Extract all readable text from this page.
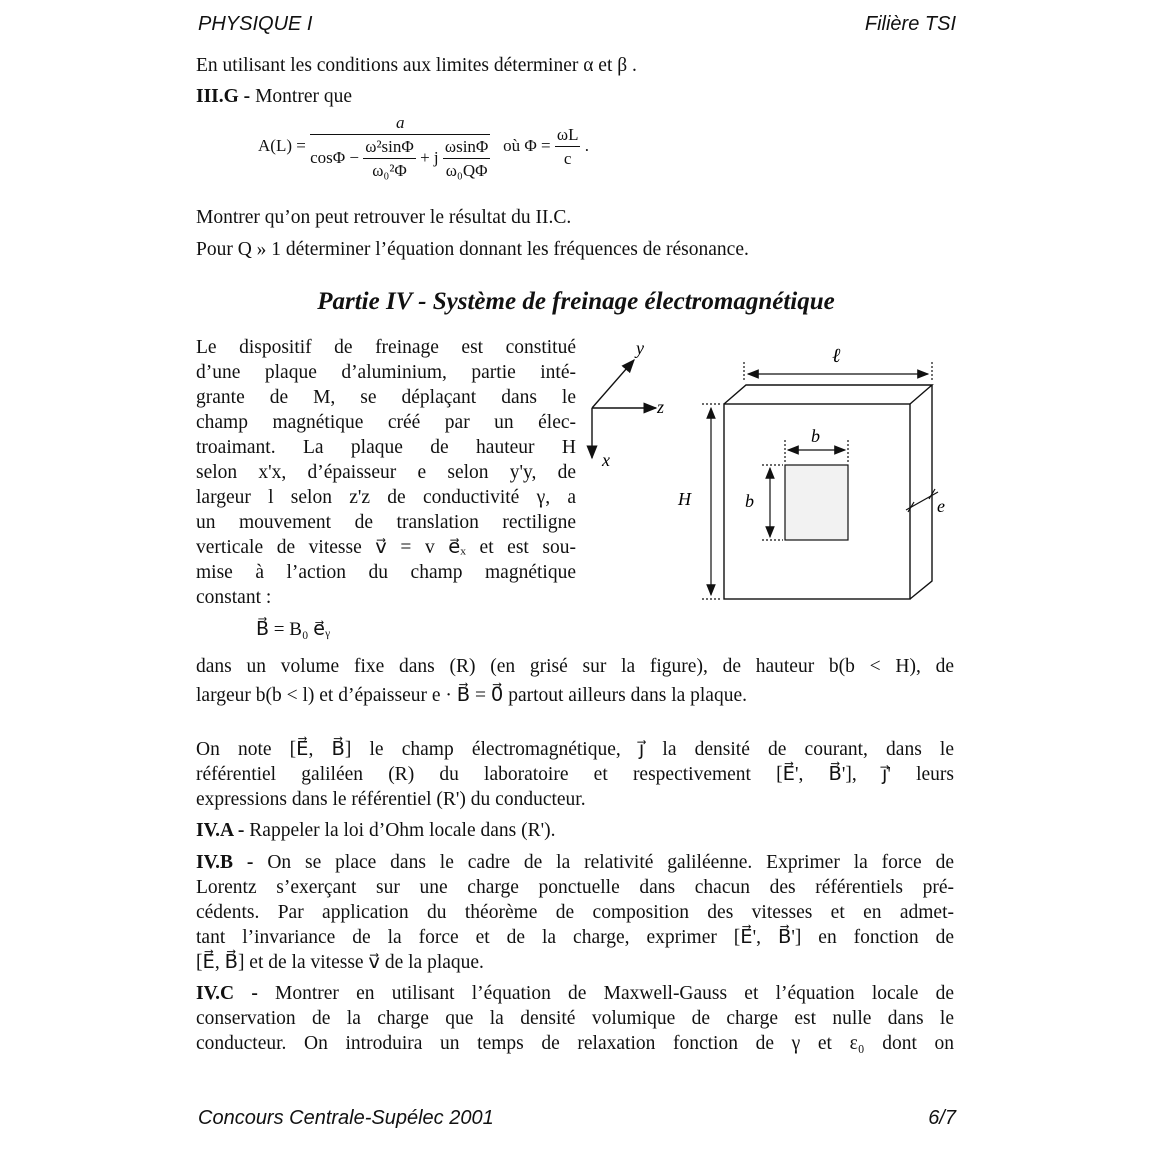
PHYSIQUE I	Filière TSI

En utilisant les conditions aux limites déterminer α et β .

III.G - Montrer que

A(L) =
a
$\cos\Phi - \frac{\text{ω²sinΦ}}{\text{ω₀²Φ}} + j \frac{\omega\sin\Phi}{\text{ω₀QΦ}}$ où $\Phi = \frac{\omega L}{c}$ .

Montrer qu’on peut retrouver le résultat du II.C.

Pour Q » 1 déterminer l’équation donnant les fréquences de résonance.

Partie IV - Système de freinage électromagnétique

Le dispositif de freinage est constitué

d’une plaque d’aluminium, partie inté-

grante de M, se déplaçant dans le

champ magnétique créé par un élec-

troaimant. La plaque de hauteur H

selon x'x, d’épaisseur e selon y'y, de

largeur l selon z'z de conductivité γ, a

un mouvement de translation rectiligne

verticale de vitesse v⃗ = v e⃗ₓ et est sou-

mise à l’action du champ magnétique

constant :

B⃗ = B₀ e⃗ᵧ

dans un volume fixe dans (R) (en grisé sur la figure), de hauteur b(b < H), de

largeur b(b < l) et d’épaisseur e · B⃗ = 0⃗ partout ailleurs dans la plaque.

On note [E⃗, B⃗] le champ électromagnétique, j⃗ la densité de courant, dans le

référentiel galiléen (R) du laboratoire et respectivement [E⃗', B⃗'], j⃗' leurs

expressions dans le référentiel (R') du conducteur.

IV.A - Rappeler la loi d’Ohm locale dans (R').

IV.B - On se place dans le cadre de la relativité galiléenne. Exprimer la force de

Lorentz s’exerçant sur une charge ponctuelle dans chacun des référentiels pré-

cédents. Par application du théorème de composition des vitesses et en admet-

tant l’invariance de la force et de la charge, exprimer [E⃗', B⃗'] en fonction de

[E⃗, B⃗] et de la vitesse v⃗ de la plaque.

IV.C - Montrer en utilisant l’équation de Maxwell-Gauss et l’équation locale de

conservation de la charge que la densité volumique de charge est nulle dans le

conducteur. On introduira un temps de relaxation fonction de γ et ε₀ dont on

y
z
x
ℓ
H
b
b	e
Concours Centrale-Supélec 2001	6/7
